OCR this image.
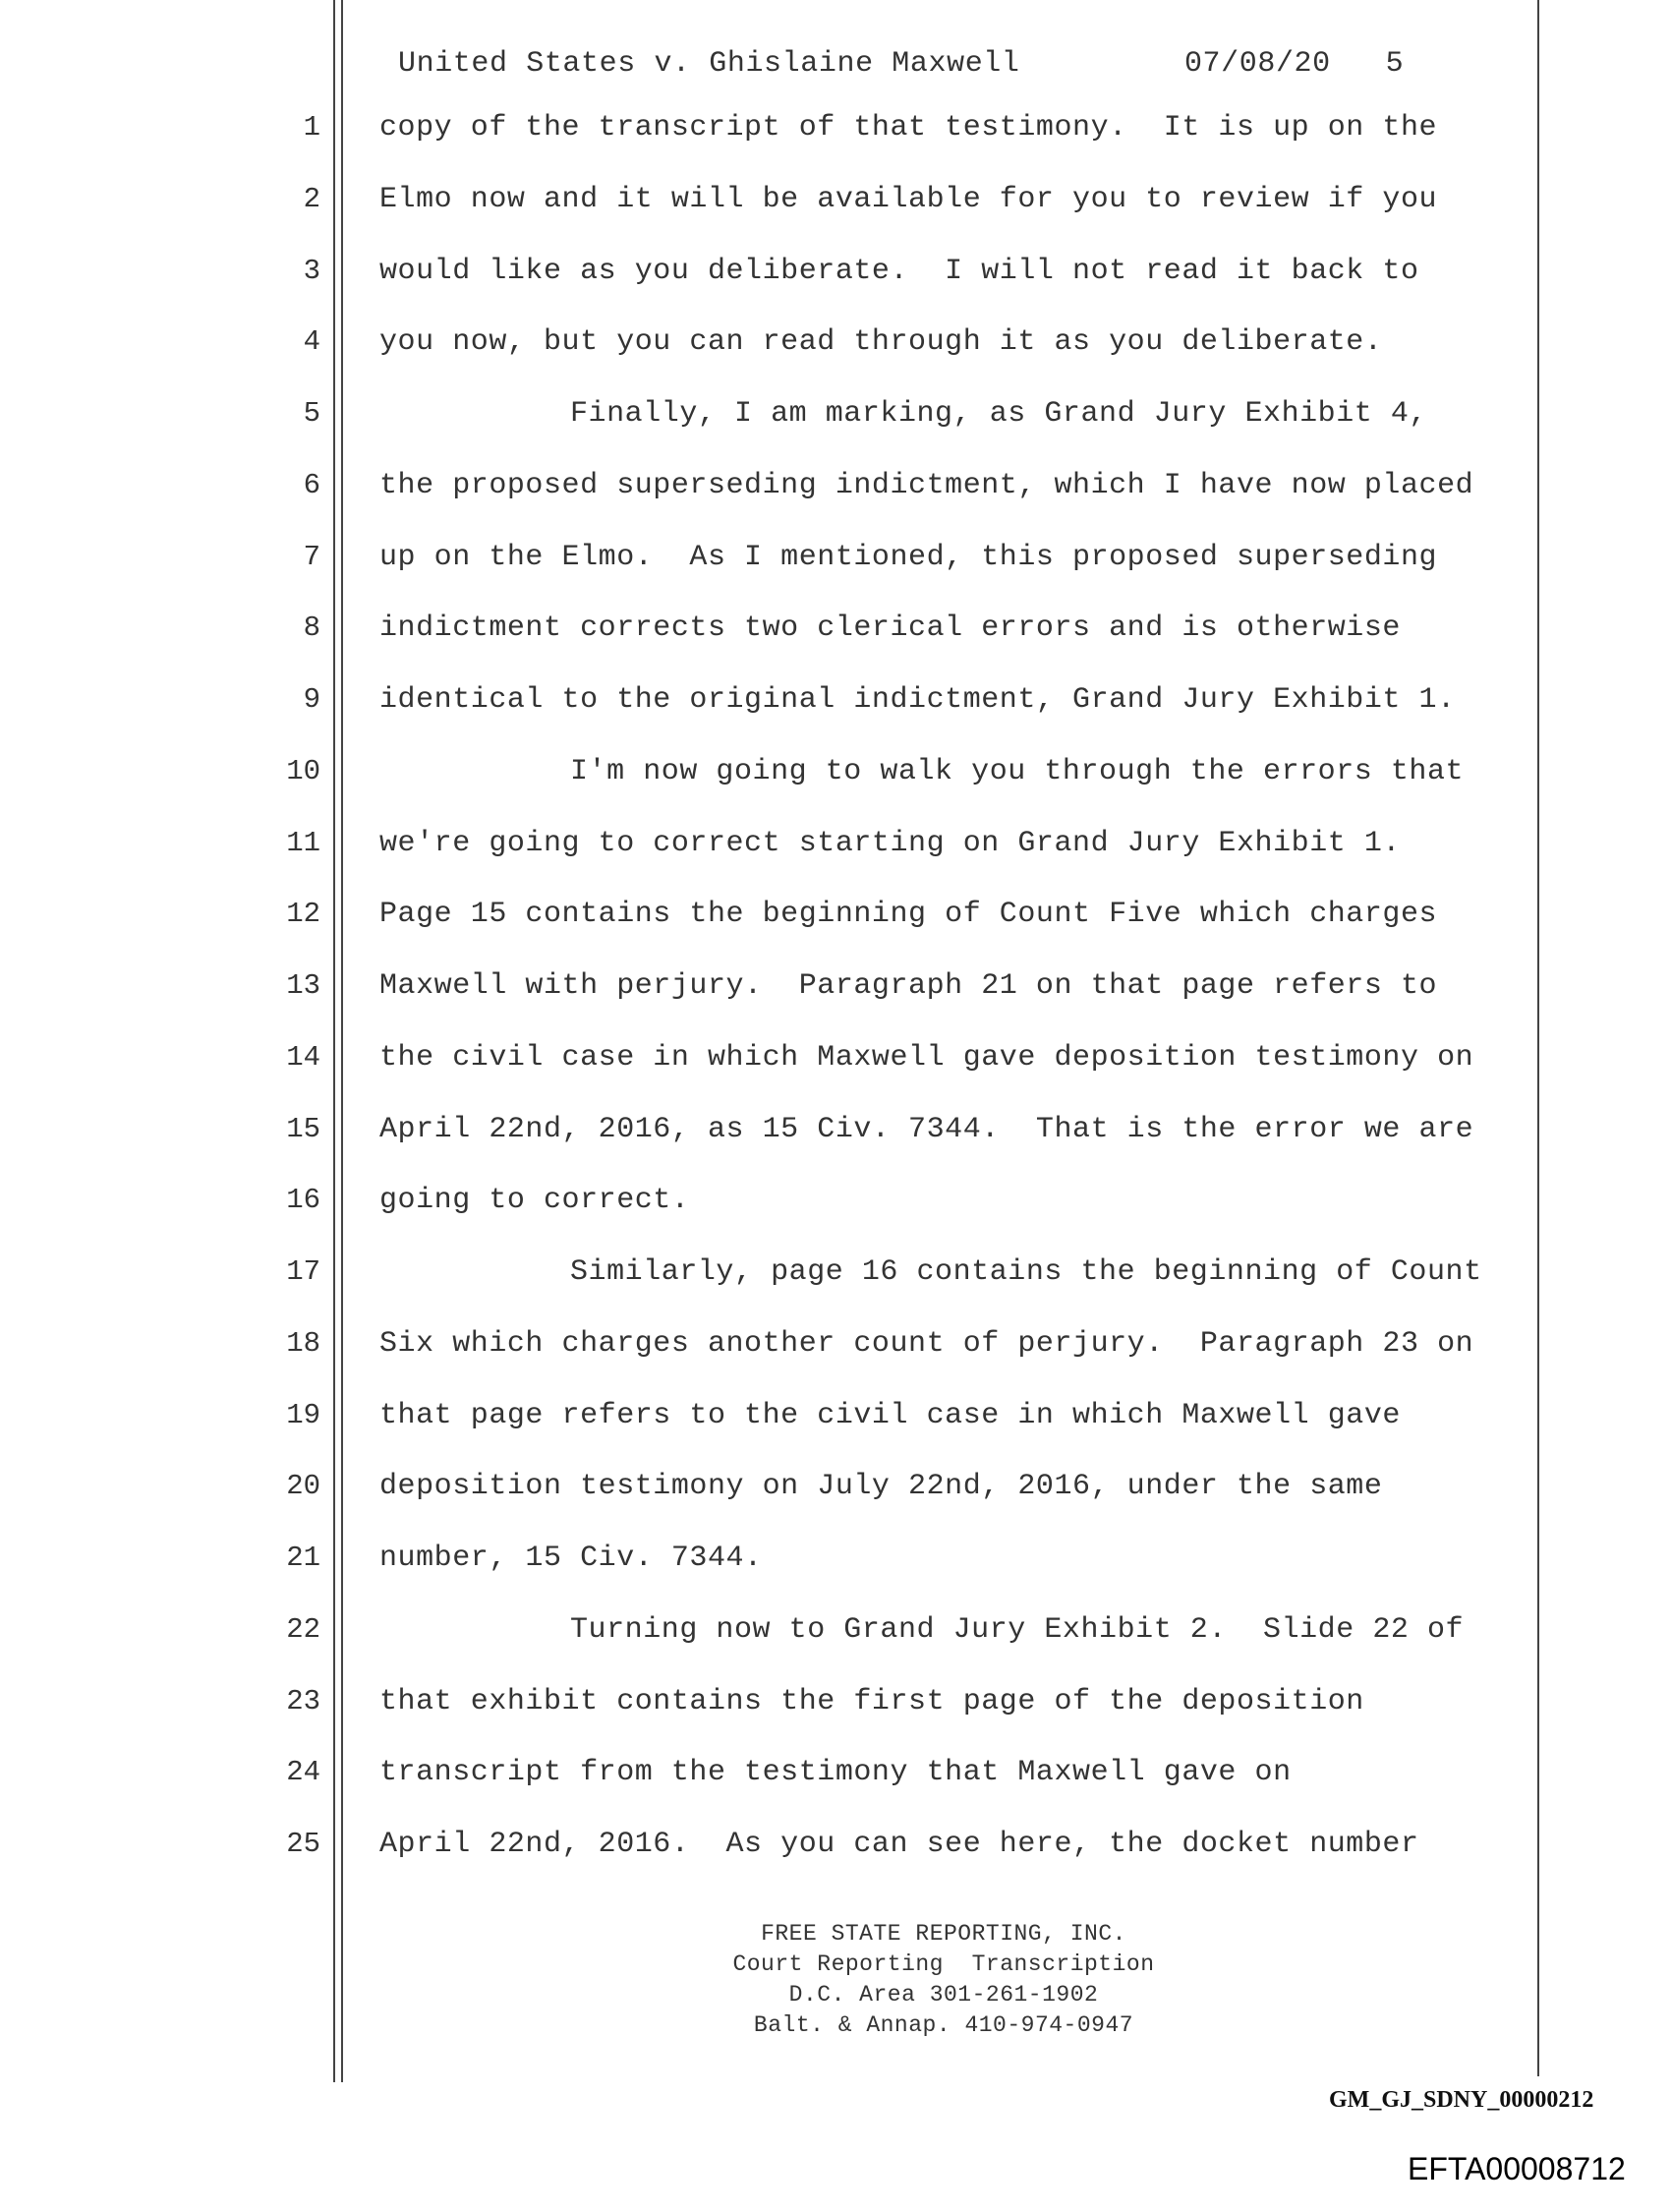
United States v. Ghislaine Maxwell	07/08/20 5
1
2
3
4
5
6
7
8
9
10
11
12
13
14
15
16
17
18
19
20
21
22
23
24
25
copy of the transcript of that testimony.  It is up on the
Elmo now and it will be available for you to review if you
would like as you deliberate.  I will not read it back to
you now, but you can read through it as you deliberate.
Finally, I am marking, as Grand Jury Exhibit 4,
the proposed superseding indictment, which I have now placed
up on the Elmo.  As I mentioned, this proposed superseding
indictment corrects two clerical errors and is otherwise
identical to the original indictment, Grand Jury Exhibit 1.
I'm now going to walk you through the errors that
we're going to correct starting on Grand Jury Exhibit 1.
Page 15 contains the beginning of Count Five which charges
Maxwell with perjury.  Paragraph 21 on that page refers to
the civil case in which Maxwell gave deposition testimony on
April 22nd, 2016, as 15 Civ. 7344.  That is the error we are
going to correct.
Similarly, page 16 contains the beginning of Count
Six which charges another count of perjury.  Paragraph 23 on
that page refers to the civil case in which Maxwell gave
deposition testimony on July 22nd, 2016, under the same
number, 15 Civ. 7344.
Turning now to Grand Jury Exhibit 2.  Slide 22 of
that exhibit contains the first page of the deposition
transcript from the testimony that Maxwell gave on
April 22nd, 2016.  As you can see here, the docket number
FREE STATE REPORTING, INC.
Court Reporting  Transcription
D.C. Area 301-261-1902
Balt. & Annap. 410-974-0947
GM_GJ_SDNY_00000212
EFTA00008712
